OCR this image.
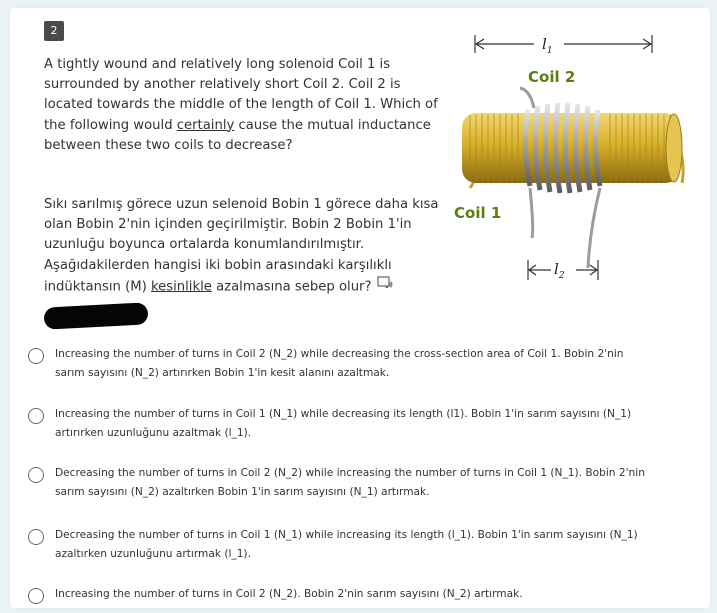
2
A tightly wound and relatively long solenoid Coil 1 is surrounded by another relatively short Coil 2. Coil 2 is located towards the middle of the length of Coil 1. Which of the following would certainly cause the mutual inductance between these two coils to decrease?
Sıkı sarılmış görece uzun selenoid Bobin 1 görece daha kısa olan Bobin 2'nin içinden geçirilmiştir. Bobin 2 Bobin 1'in uzunluğu boyunca ortalarda konumlandırılmıştır. Aşağıdakilerden hangisi iki bobin arasındaki karşılıklı indüktansın (M) kesinlikle azalmasına sebep olur?
$l_1$
Coil 2
Coil 1
$l_2$
Increasing the number of turns in Coil 2 (N_2) while decreasing the cross-section area of Coil 1. Bobin 2'nin
sarım sayısını (N_2) artırırken Bobin 1'in kesit alanını azaltmak.
Increasing the number of turns in Coil 1 (N_1) while decreasing its length (l1). Bobin 1'in sarım sayısını (N_1)
artırırken uzunluğunu azaltmak (l_1).
Decreasing the number of turns in Coil 2 (N_2) while increasing the number of turns in Coil 1 (N_1). Bobin 2'nin
sarım sayısını (N_2) azaltırken Bobin 1'in sarım sayısını (N_1) artırmak.
Decreasing the number of turns in Coil 1 (N_1) while increasing its length (l_1). Bobin 1'in sarım sayısını (N_1)
azaltırken uzunluğunu artırmak (l_1).
Increasing the number of turns in Coil 2 (N_2). Bobin 2'nin sarım sayısını (N_2) artırmak.
